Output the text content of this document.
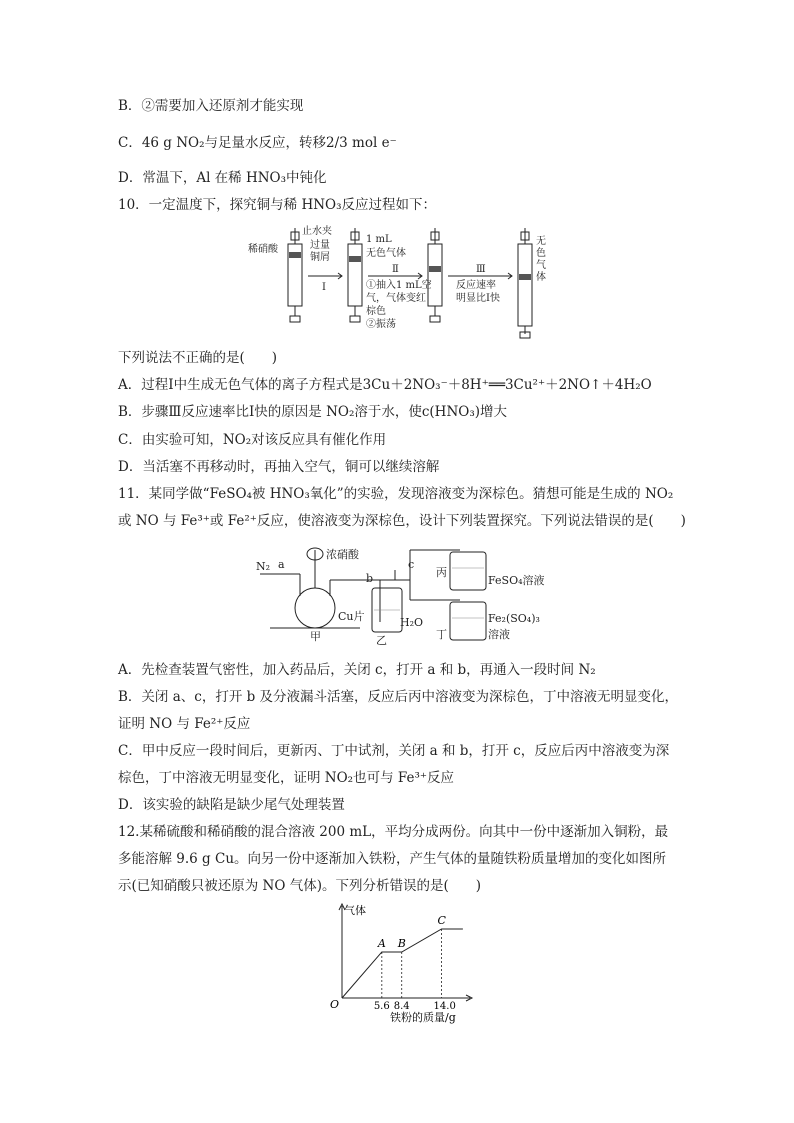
B．②需要加入还原剂才能实现
C．46 g NO₂与足量水反应，转移2/3 mol e⁻
D．常温下，Al 在稀 HNO₃中钝化
10．一定温度下，探究铜与稀 HNO₃反应过程如下：
止水夹
稀硝酸	过量
铜屑
1 mL
无色气体
Ⅰ
Ⅱ
①抽入1 mL空
气，气体变红
棕色
②振荡
Ⅲ
反应速率
明显比Ⅰ快
无
色
气
体
下列说法不正确的是(　　)
A．过程Ⅰ中生成无色气体的离子方程式是3Cu＋2NO₃⁻＋8H⁺══3Cu²⁺＋2NO↑＋4H₂O
B．步骤Ⅲ反应速率比Ⅰ快的原因是 NO₂溶于水，使c(HNO₃)增大
C．由实验可知，NO₂对该反应具有催化作用
D．当活塞不再移动时，再抽入空气，铜可以继续溶解
11．某同学做“FeSO₄被 HNO₃氧化”的实验，发现溶液变为深棕色。猜想可能是生成的 NO₂
或 NO 与 Fe³⁺或 Fe²⁺反应，使溶液变为深棕色，设计下列装置探究。下列说法错误的是(　　)
N₂ a
浓硝酸
c
b	丙
FeSO₄溶液
Cu片
甲	乙
H₂O
丁
Fe₂(SO₄)₃
溶液
A．先检查装置气密性，加入药品后，关闭 c，打开 a 和 b，再通入一段时间 N₂
B．关闭 a、c，打开 b 及分液漏斗活塞，反应后丙中溶液变为深棕色，丁中溶液无明显变化，
证明 NO 与 Fe²⁺反应
C．甲中反应一段时间后，更新丙、丁中试剂，关闭 a 和 b，打开 c，反应后丙中溶液变为深
棕色，丁中溶液无明显变化，证明 NO₂也可与 Fe³⁺反应
D．该实验的缺陷是缺少尾气处理装置
12.某稀硫酸和稀硝酸的混合溶液 200 mL，平均分成两份。向其中一份中逐渐加入铜粉，最
多能溶解 9.6 g Cu。向另一份中逐渐加入铁粉，产生气体的量随铁粉质量增加的变化如图所
示(已知硝酸只被还原为 NO 气体)。下列分析错误的是(　　)
气体
O
铁粉的质量/g
A B
C
5.6 8.4 14.0
